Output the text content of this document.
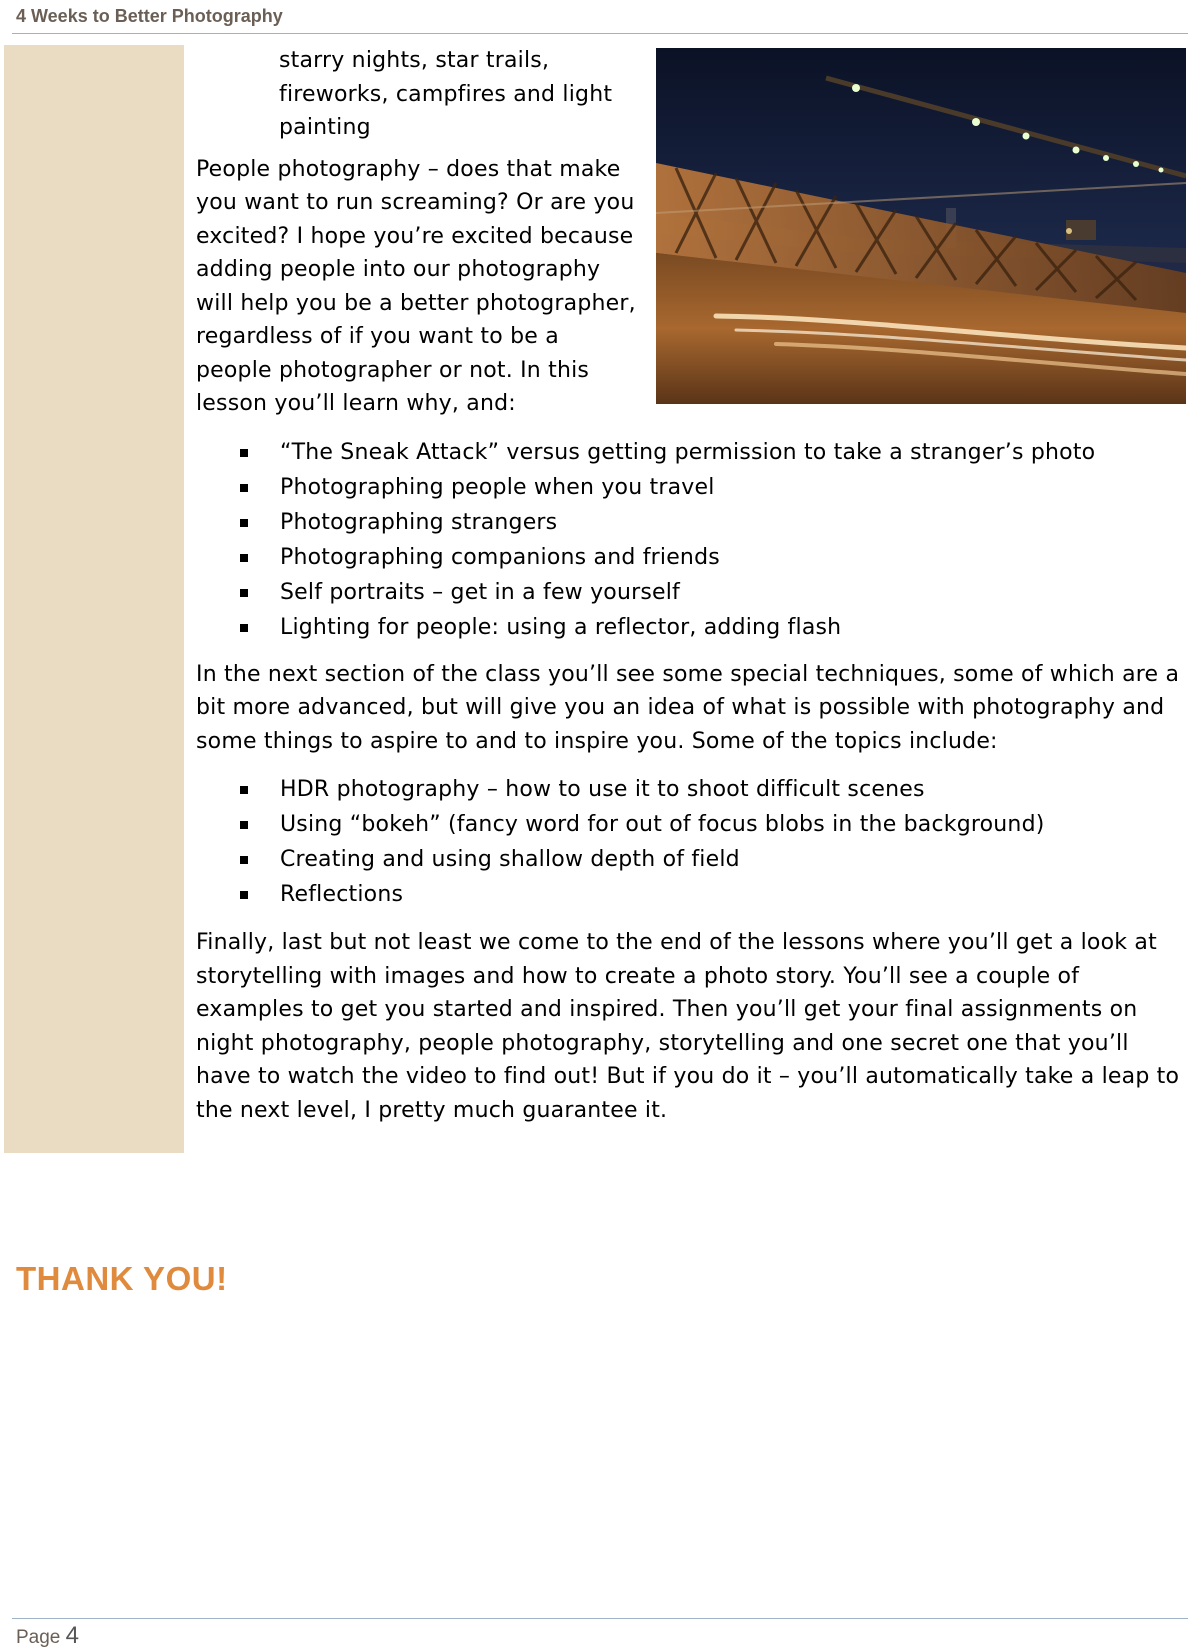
4 Weeks to Better Photography

starry nights, star trails, fireworks, campfires and light painting

People photography – does that make you want to run screaming? Or are you excited? I hope you’re excited because adding people into our photography will help you be a better photographer, regardless of if you want to be a people photographer or not. In this lesson you’ll learn why, and:

“The Sneak Attack” versus getting permission to take a stranger’s photo
Photographing people when you travel
Photographing strangers
Photographing companions and friends
Self portraits – get in a few yourself
Lighting for people: using a reflector, adding flash

In the next section of the class you’ll see some special techniques, some of which are a bit more advanced, but will give you an idea of what is possible with photography and some things to aspire to and to inspire you. Some of the topics include:

HDR photography – how to use it to shoot difficult scenes
Using “bokeh” (fancy word for out of focus blobs in the background)
Creating and using shallow depth of field
Reflections

Finally, last but not least we come to the end of the lessons where you’ll get a look at storytelling with images and how to create a photo story. You’ll see a couple of examples to get you started and inspired. Then you’ll get your final assignments on night photography, people photography, storytelling and one secret one that you’ll have to watch the video to find out! But if you do it – you’ll automatically take a leap to the next level, I pretty much guarantee it.

THANK YOU!
Page 4
